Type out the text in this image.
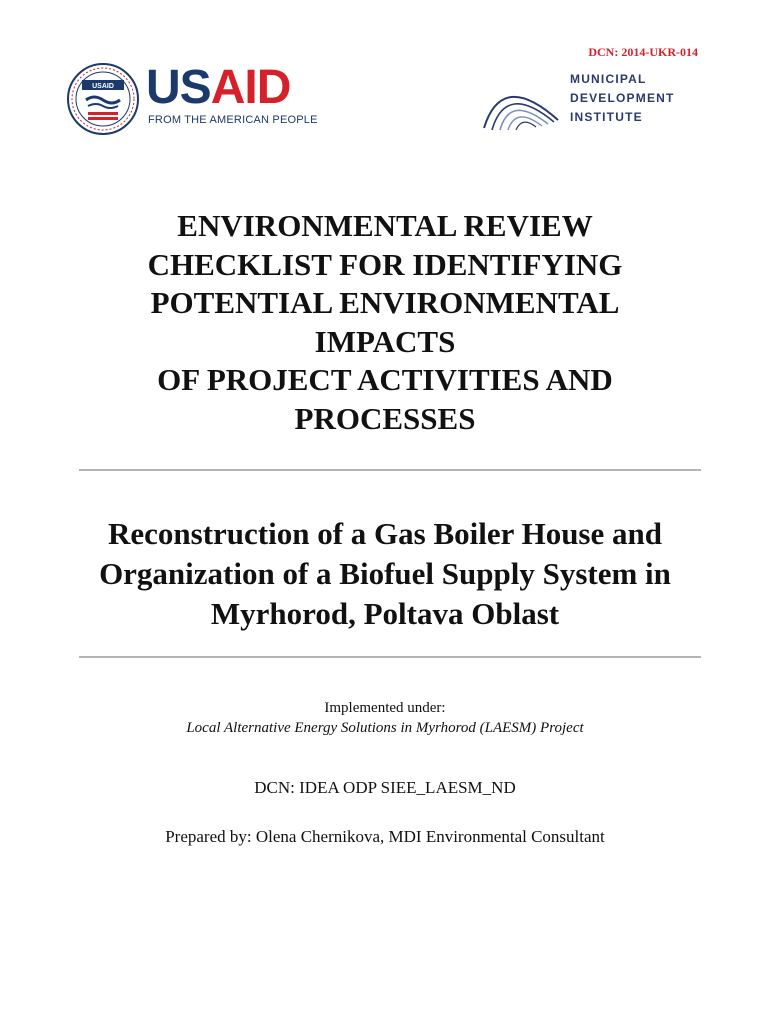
DCN: 2014-UKR-014
USAID USAID
FROM THE AMERICAN PEOPLE
MUNICIPAL
DEVELOPMENT
INSTITUTE
ENVIRONMENTAL REVIEW
CHECKLIST FOR IDENTIFYING
POTENTIAL ENVIRONMENTAL
IMPACTS
OF PROJECT ACTIVITIES AND
PROCESSES
Reconstruction of a Gas Boiler House and
Organization of a Biofuel Supply System in
Myrhorod, Poltava Oblast
Implemented under:
Local Alternative Energy Solutions in Myrhorod (LAESM) Project
DCN: IDEA ODP SIEE_LAESM_ND
Prepared by: Olena Chernikova, MDI Environmental Consultant
